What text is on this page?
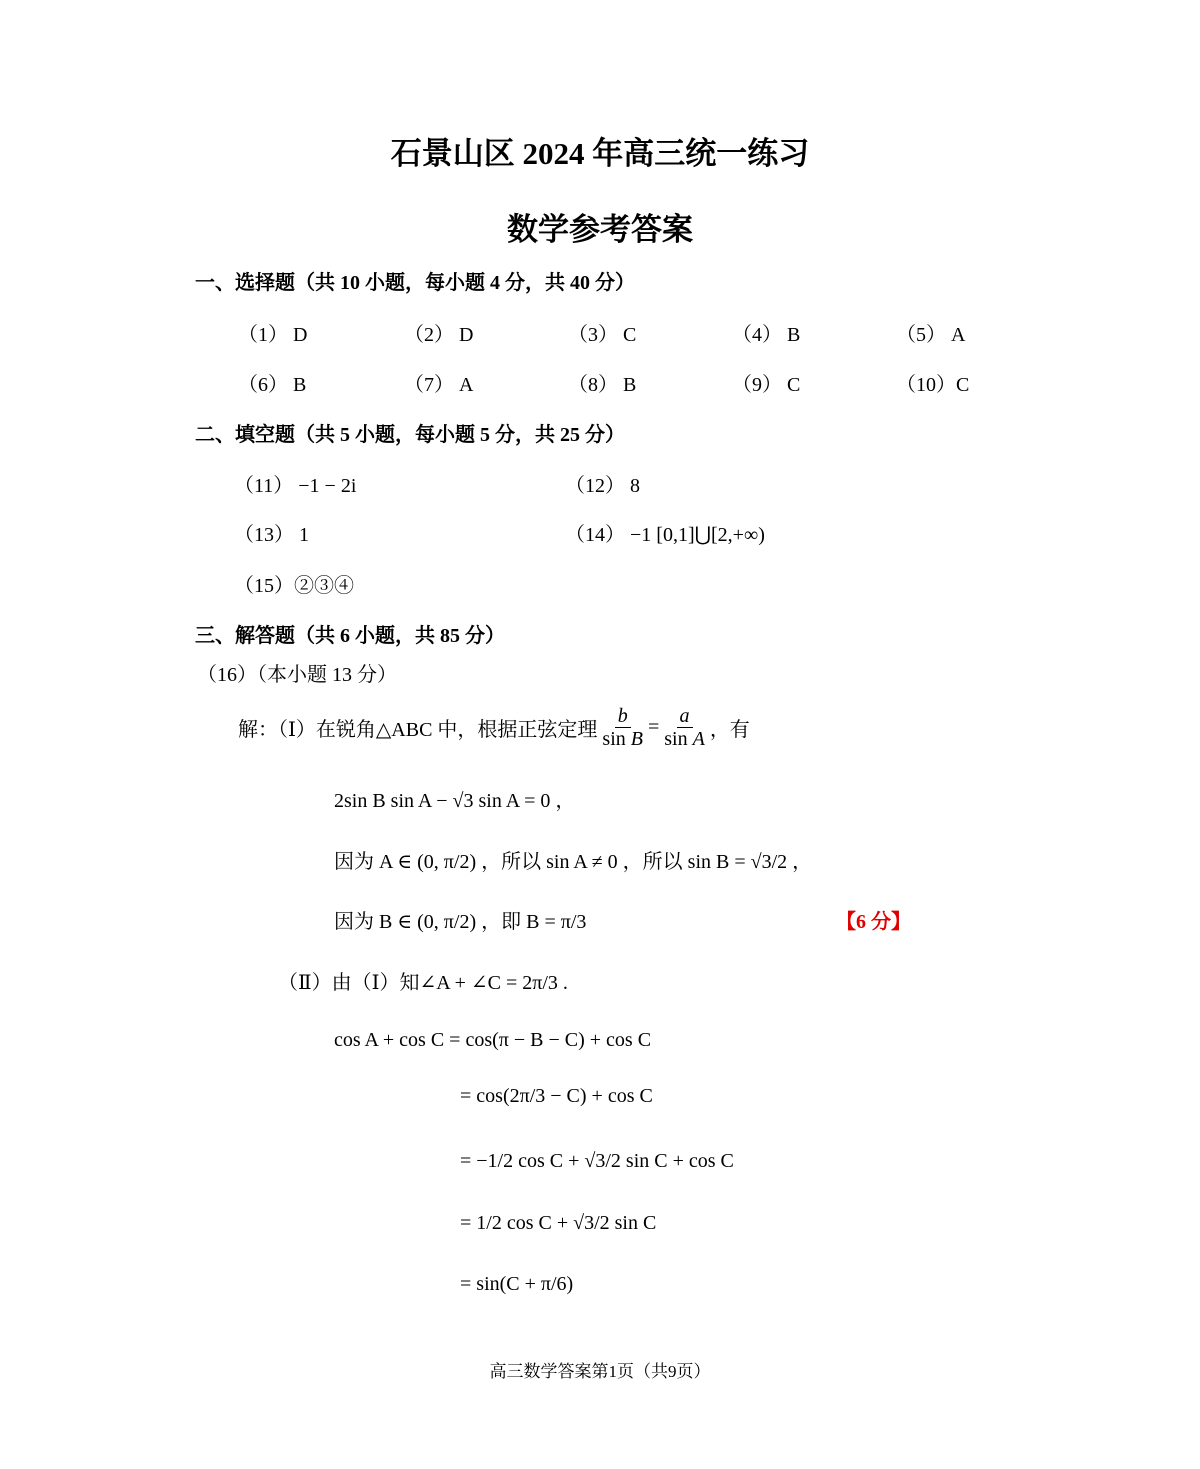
石景山区 2024 年高三统一练习
数学参考答案
一、选择题（共 10 小题，每小题 4 分，共 40 分）
（1） D	（2） D	（3） C	（4） B	（5） A
（6） B	（7） A	（8） B	（9） C	（10）C
二、填空题（共 5 小题，每小题 5 分，共 25 分）
（11） −1 − 2i	（12） 8
（13） 1	（14） −1 [0,1]⋃[2,+∞)
（15）②③④
三、解答题（共 6 小题，共 85 分）
（16）（本小题 13 分）
解：（Ⅰ）在锐角△ABC 中，根据正弦定理 $\frac{b}{\text{sin B}} = \frac{a}{\text{sin A}}$ ，有
2sin B sin A − √3 sin A = 0 ，
因为 A ∈ (0, π/2) ，所以 sin A ≠ 0 ，所以 sin B = √3/2 ，
因为 B ∈ (0, π/2) ，即 B = π/3	【6 分】
（Ⅱ）由（Ⅰ）知∠A + ∠C = 2π/3 .
cos A + cos C = cos(π − B − C) + cos C
= cos(2π/3 − C) + cos C
= −1/2 cos C + √3/2 sin C + cos C
= 1/2 cos C + √3/2 sin C
= sin(C + π/6)
高三数学答案第1页（共9页）
